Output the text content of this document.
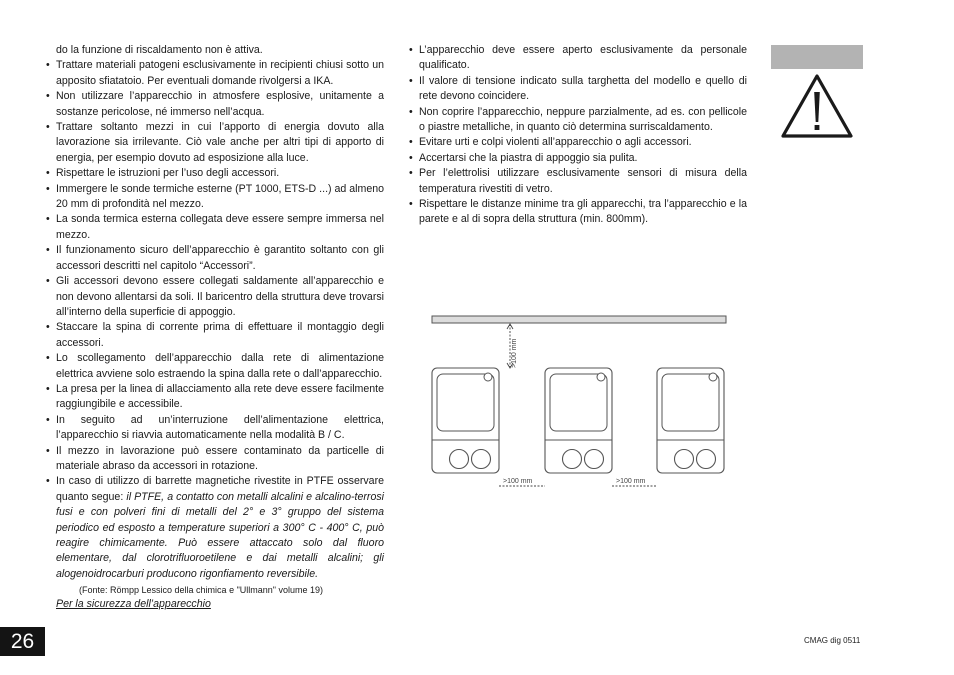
do la funzione di riscaldamento non è attiva.
• Trattare materiali patogeni esclusivamente in recipienti chiusi sotto un apposito sfiatatoio. Per eventuali domande rivolgersi a IKA.
• Non utilizzare l’apparecchio in atmosfere esplosive, unitamente a sostanze pericolose, né immerso nell’acqua.
• Trattare soltanto mezzi in cui l’apporto di energia dovuto alla lavorazione sia irrilevante. Ciò vale anche per altri tipi di apporto di energia, per esempio dovuto ad esposizione alla luce.
• Rispettare le istruzioni per l’uso degli accessori.
• Immergere le sonde termiche esterne (PT 1000, ETS-D ...) ad almeno 20 mm di profondità nel mezzo.
• La sonda termica esterna collegata deve essere sempre immersa nel mezzo.
• Il funzionamento sicuro dell’apparecchio è garantito soltanto con gli accessori descritti nel capitolo “Accessori”.
• Gli accessori devono essere collegati saldamente all’apparecchio e non devono allentarsi da soli. Il baricentro della struttura deve trovarsi all’interno della superficie di appoggio.
• Staccare la spina di corrente prima di effettuare il montaggio degli accessori.
• Lo scollegamento dell’apparecchio dalla rete di alimentazione elettrica avviene solo estraendo la spina dalla rete o dall’apparecchio.
• La presa per la linea di allacciamento alla rete deve essere facilmente raggiungibile e accessibile.
• In seguito ad un’interruzione dell’alimentazione elettrica, l’apparecchio si riavvia automaticamente nella modalità B / C.
• Il mezzo in lavorazione può essere contaminato da particelle di materiale abraso da accessori in rotazione.
• In caso di utilizzo di barrette magnetiche rivestite in PTFE osservare quanto segue: il PTFE, a contatto con metalli alcalini e alcalino-terrosi fusi e con polveri fini di metalli del 2° e 3° gruppo del sistema periodico ed esposto a temperature superiori a 300° C - 400° C, può reagire chimicamente. Può essere attaccato solo dal fluoro elementare, dal clorotrifluoroetilene e dai metalli alcalini; gli alogenoidrocarburi producono rigonfiamento reversibile.
(Fonte: Römpp Lessico della chimica e "Ullmann" volume 19)
Per la sicurezza dell’apparecchio
• L’apparecchio deve essere aperto esclusivamente da personale qualificato.
• Il valore di tensione indicato sulla targhetta del modello e quello di rete devono coincidere.
• Non coprire l’apparecchio, neppure parzialmente, ad es. con pellicole o piastre metalliche, in quanto ciò determina surriscaldamento.
• Evitare urti e colpi violenti all’apparecchio o agli accessori.
• Accertarsi che la piastra di appoggio sia pulita.
• Per l’elettrolisi utilizzare esclusivamente sensori di misura della temperatura rivestiti di vetro.
• Rispettare le distanze minime tra gli apparecchi, tra l’apparecchio e la parete e al di sopra della struttura (min. 800mm).
>100 mm
>100 mm	>100 mm
26	CMAG dig 0511
